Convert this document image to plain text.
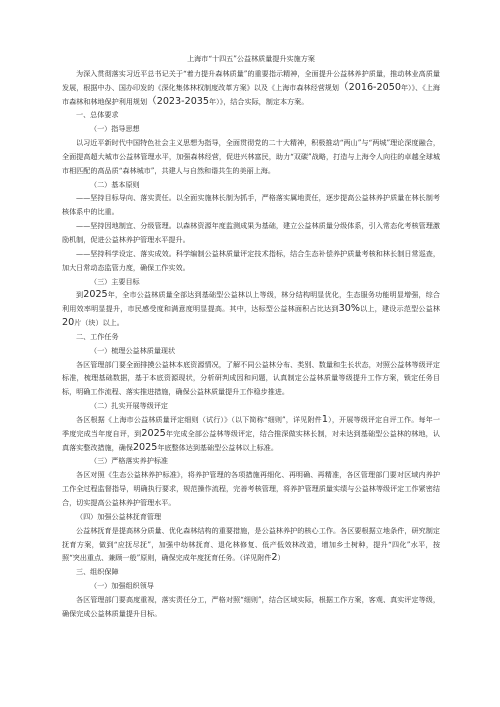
上海市“十四五”公益林质量提升实施方案
为深入贯彻落实习近平总书记关于“着力提升森林质量”的重要指示精神，全面提升公益林养护质量，推动林业高质量发展，根据中办、国办印发的《深化集体林权制度改革方案》以及《上海市森林经营规划（2016-2050年）》、《上海市森林和林地保护利用规划（2023-2035年）》，结合实际，制定本方案。
一、总体要求
（一）指导思想
以习近平新时代中国特色社会主义思想为指导，全面贯彻党的二十大精神，积极推动“两山”与“两城”理论深度融合，全面提高超大城市公益林管理水平，加强森林经营，促进兴林富民，助力“双碳”战略，打造与上海令人向往的卓越全球城市相匹配的高品质“森林城市”，共建人与自然和谐共生的美丽上海。
（二）基本原则
——坚持目标导向、落实责任。以全面实施林长制为抓手，严格落实属地责任，逐步提高公益林养护质量在林长制考核体系中的比重。
——坚持因地制宜、分级管理。以森林资源年度监测成果为基础，建立公益林质量分级体系，引入常态化考核管理激励机制，促进公益林养护管理水平提升。
——坚持科学设定、落实成效。科学编制公益林质量评定技术指标，结合生态补偿养护质量考核和林长制日常巡查，加大日常动态监管力度，确保工作实效。
（三）主要目标
到2025年，全市公益林质量全部达到基础型公益林以上等级，林分结构明显优化，生态服务功能明显增强，综合利用效率明显提升，市民感受度和满意度明显提高。其中，达标型公益林面积占比达到30%以上，建设示范型公益林20片（块）以上。
二、工作任务
（一）梳理公益林质量现状
各区管理部门要全面排摸公益林本底资源情况，了解不同公益林分布、类别、数量和生长状态，对照公益林等级评定标准，梳理基础数据，基于本底资源现状，分析研判成因和问题，认真制定公益林质量等级提升工作方案，锁定任务目标，明确工作流程、落实推进措施，确保公益林质量提升工作稳步推进。
（二）扎实开展等级评定
各区根据《上海市公益林质量评定细则（试行）》（以下简称“细则”，详见附件1），开展等级评定自评工作。每年一季度完成当年度自评，到2025年完成全部公益林等级评定，结合推深做实林长制，对未达到基础型公益林的林地，认真落实整改措施，确保2025年底整体达到基础型公益林以上标准。
（三）严格落实养护标准
各区对照《生态公益林养护标准》，将养护管理的各项措施再细化、再明确、再精准，各区管理部门要对区域内养护工作全过程监督指导，明确执行要求，规范操作流程，完善考核管理，将养护管理质量实绩与公益林等级评定工作紧密结合，切实提高公益林养护管理水平。
（四）加强公益林抚育管理
公益林抚育是提高林分质量、优化森林结构的重要措施，是公益林养护的核心工作。各区要根据立地条件，研究制定抚育方案，做到“应抚尽抚”，加强中幼林抚育、退化林修复、低产低效林改造，增加乡土树种，提升“四化”水平，按照“突出重点、兼顾一般”原则，确保完成年度抚育任务。（详见附件2）
三、组织保障
（一）加强组织领导
各区管理部门要高度重视，落实责任分工，严格对照“细则”，结合区域实际，根据工作方案，客观、真实评定等级，确保完成公益林质量提升目标。
